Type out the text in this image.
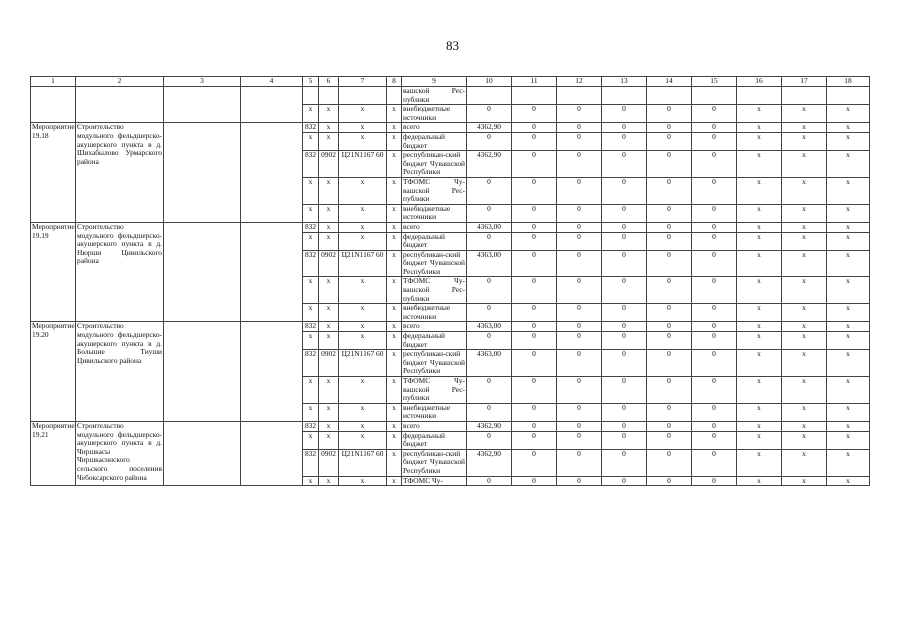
83
1	2	3	4	5	6	7	8	9	10	11	12	13	14	15	16	17	18
								вашской Рес-публики									
				х	х	х	х	внебюджетные источники	0	0	0	0	0	0	х	х	х
Мероприятие 19.18	Строительство модульного фельдшерско-акушерского пункта в д. Шихабылово Урмарского района			832	х	х	х	всего	4362,90	0	0	0	0	0	х	х	х
				х	х	х	х	федеральный бюджет	0	0	0	0	0	0	х	х	х
				832	0902	Ц21N1167 60	х	республикан-ский бюджет Чувашской Республики	4362,90	0	0	0	0	0	х	х	х
				х	х	х	х	ТФОМС Чу-вашской Рес-публики	0	0	0	0	0	0	х	х	х
				х	х	х	х	внебюджетные источники	0	0	0	0	0	0	х	х	х
Мероприятие 19.19	Строительство модульного фельдшерско-акушерского пункта в д. Нюрши Цивильского района			832	х	х	х	всего	4363,00	0	0	0	0	0	х	х	х
				х	х	х	х	федеральный бюджет	0	0	0	0	0	0	х	х	х
				832	0902	Ц21N1167 60	х	республикан-ский бюджет Чувашской Республики	4363,00	0	0	0	0	0	х	х	х
				х	х	х	х	ТФОМС Чу-вашской Рес-публики	0	0	0	0	0	0	х	х	х
				х	х	х	х	внебюджетные источники	0	0	0	0	0	0	х	х	х
Мероприятие 19.20	Строительство модульного фельдшерско-акушерского пункта в д. Большие Тиуши Цивильского района			832	х	х	х	всего	4363,00	0	0	0	0	0	х	х	х
				х	х	х	х	федеральный бюджет	0	0	0	0	0	0	х	х	х
				832	0902	Ц21N1167 60	х	республикан-ский бюджет Чувашской Республики	4363,00	0	0	0	0	0	х	х	х
				х	х	х	х	ТФОМС Чу-вашской Рес-публики	0	0	0	0	0	0	х	х	х
				х	х	х	х	внебюджетные источники	0	0	0	0	0	0	х	х	х
Мероприятие 19.21	Строительство модульного фельдшерско-акушерского пункта в д. Чиршкасы Чиршкасинского сельского поселения Чебоксарского района			832	х	х	х	всего	4362,90	0	0	0	0	0	х	х	х
				х	х	х	х	федеральный бюджет	0	0	0	0	0	0	х	х	х
				832	0902	Ц21N1167 60	х	республикан-ский бюджет Чувашской Республики	4362,90	0	0	0	0	0	х	х	х
				х	х	х	х	ТФОМС Чу-	0	0	0	0	0	0	х	х	х
